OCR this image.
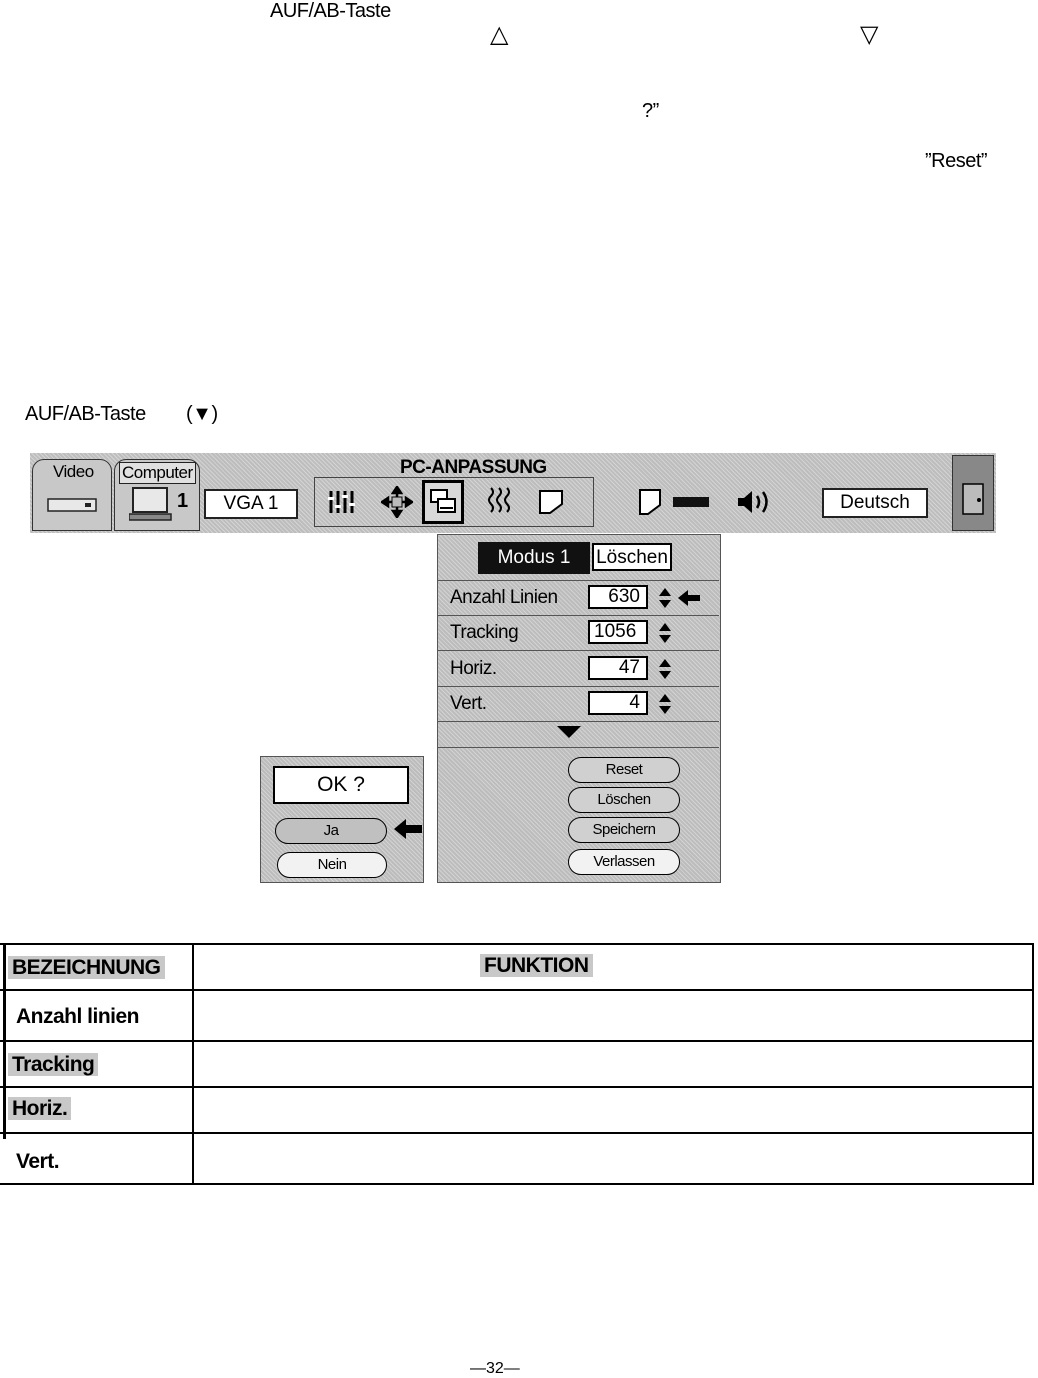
AUF/AB-Taste
△	▽
?”
”Reset”
AUF/AB-Taste (▼)
PC-ANPASSUNG
Video Computer
1	VGA 1	Deutsch
Modus 1	Löschen
Anzahl Linien	630
Tracking	1056
Horiz.	47
Vert.	4
Reset
Löschen
Speichern
Verlassen
OK ?
Ja
Nein
BEZEICHNUNG	FUNKTION
Anzahl linien
Tracking
Horiz.
Vert.
—32—
